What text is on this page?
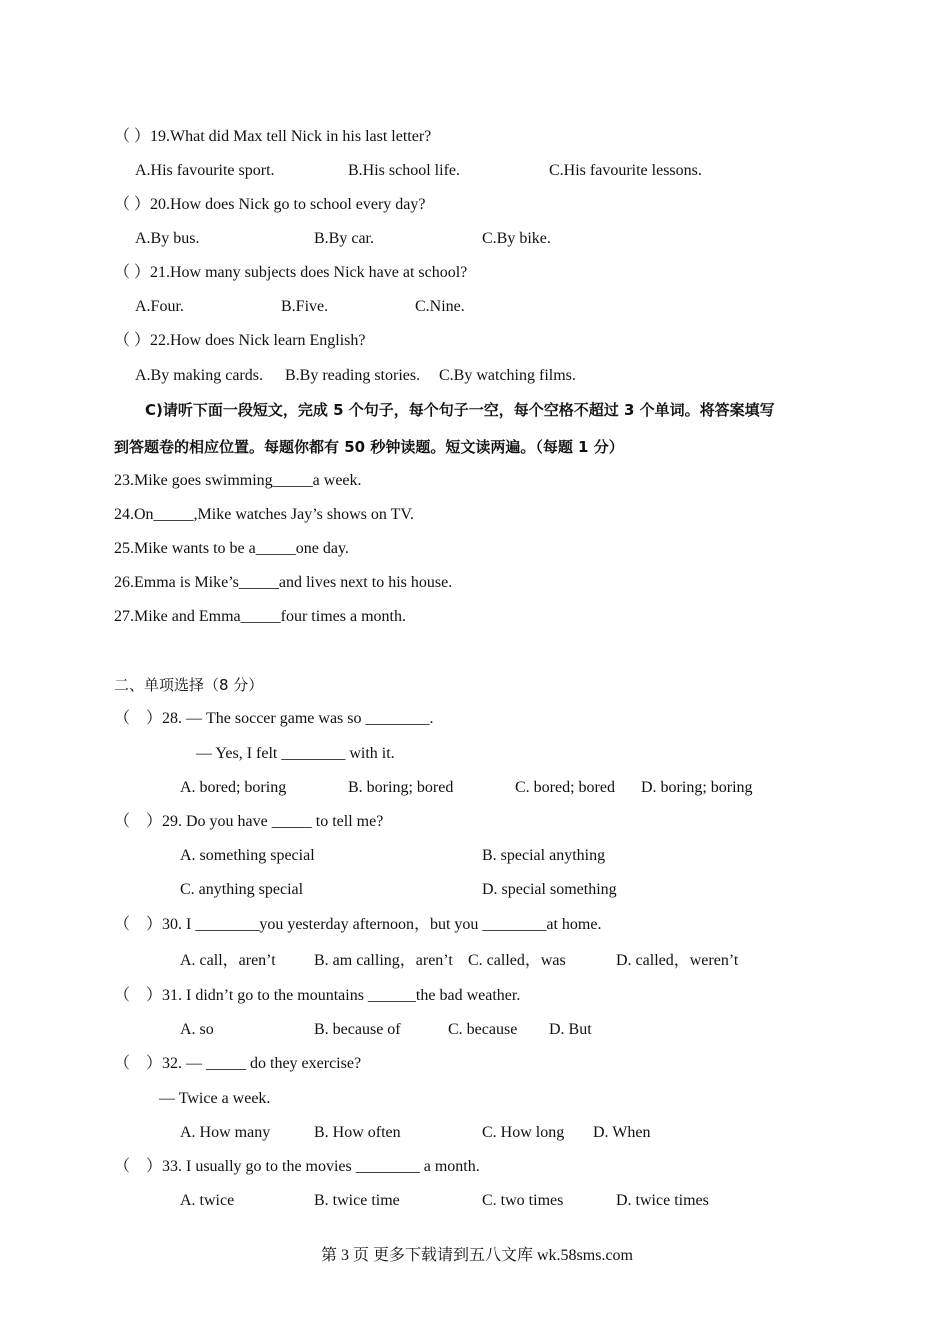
（ ）19.What did Max tell Nick in his last letter?
A.His favourite sport.	B.His school life.	C.His favourite lessons.
（ ）20.How does Nick go to school every day?
A.By bus.	B.By car.	C.By bike.
（ ）21.How many subjects does Nick have at school?
A.Four.	B.Five.	C.Nine.
（ ）22.How does Nick learn English?
A.By making cards. B.By reading stories. C.By watching films.
C)请听下面一段短文，完成 5 个句子，每个句子一空，每个空格不超过 3 个单词。将答案填写
到答题卷的相应位置。每题你都有 50 秒钟读题。短文读两遍。（每题 1 分）
23.Mike goes swimming_____a week.
24.On_____,Mike watches Jay’s shows on TV.
25.Mike wants to be a_____one day.
26.Emma is Mike’s_____and lives next to his house.
27.Mike and Emma_____four times a month.
二、单项选择（8 分）
（　）28. — The soccer game was so ________.
— Yes, I felt ________ with it.
A. bored; boring	B. boring; bored	C. bored; bored D. boring; boring
（　）29. Do you have _____ to tell me?
A. something special	B. special anything
C. anything special	D. special something
（　）30. I ________you yesterday afternoon，but you ________at home.
A. call，aren’t B. am calling，aren’t C. called，was	D. called，weren’t
（　）31. I didn’t go to the mountains ______the bad weather.
A. so	B. because of	C. because D. But
（　）32. — _____ do they exercise?
— Twice a week.
A. How many	B. How often	C. How long D. When
（　）33. I usually go to the movies ________ a month.
A. twice	B. twice time	C. two times	D. twice times
第 3 页 更多下载请到五八文库 wk.58sms.com
